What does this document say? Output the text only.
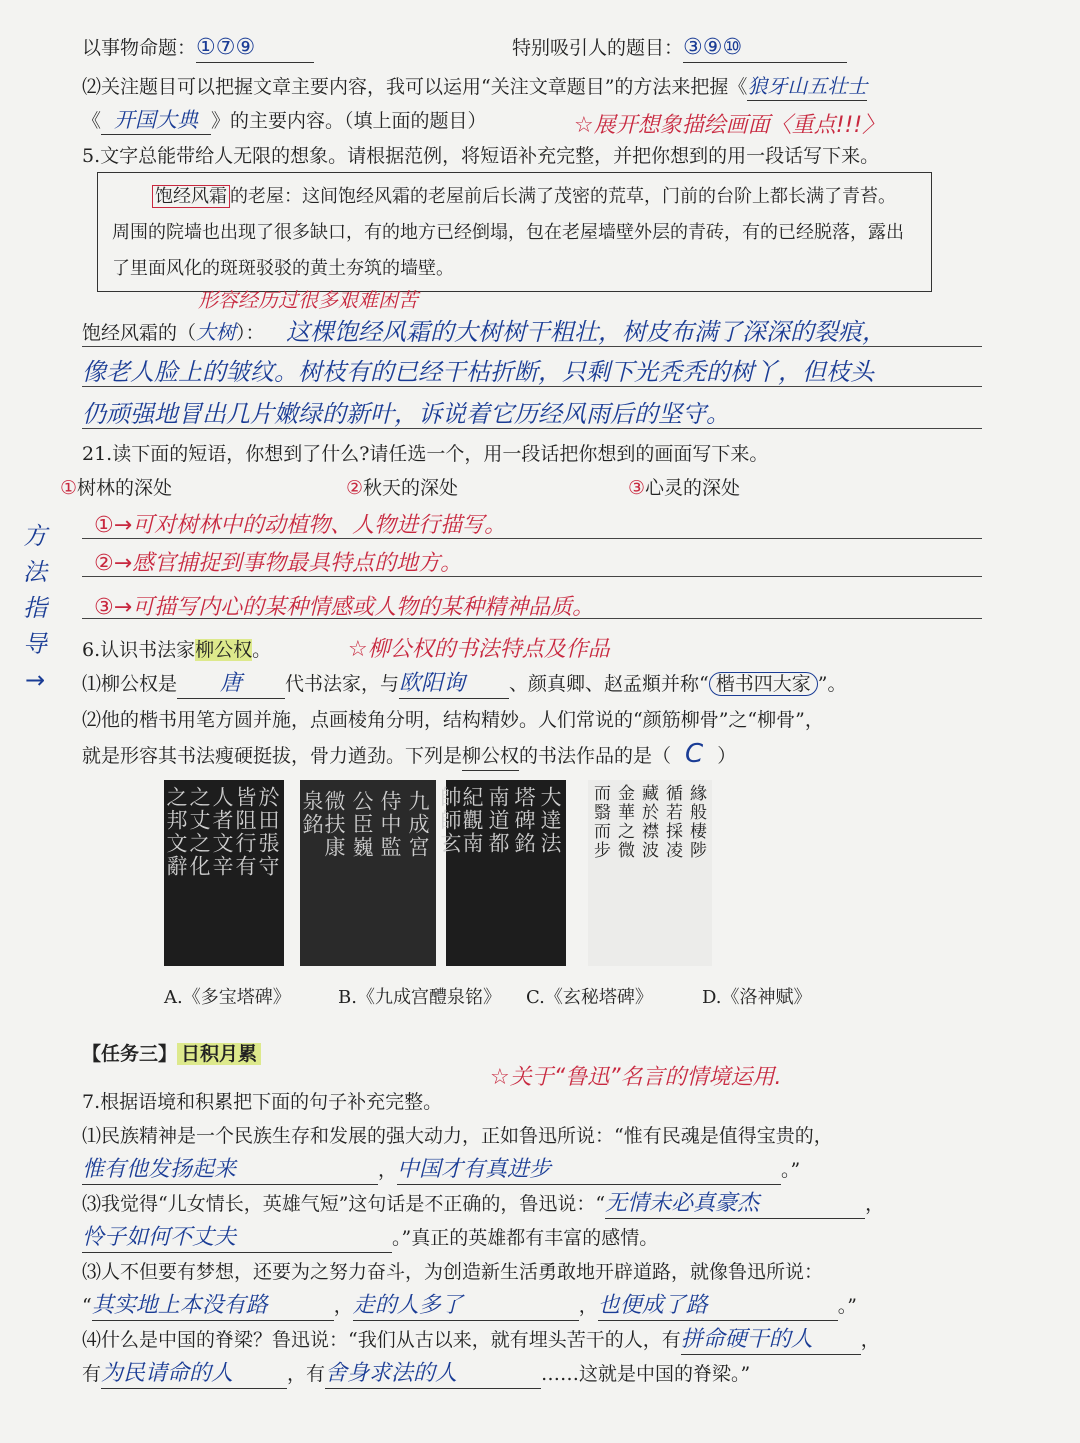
以事物命题：①⑦⑨	特别吸引人的题目：③⑨⑩
⑵关注题目可以把握文章主要内容，我可以运用“关注文章题目”的方法来把握《狼牙山五壮士
《 开国大典 》的主要内容。（填上面的题目）	☆展开想象描绘画面〈重点!!!〉
5.文字总能带给人无限的想象。请根据范例，将短语补充完整，并把你想到的用一段话写下来。
饱经风霜 的老屋：这间饱经风霜的老屋前后长满了茂密的荒草，门前的台阶上都长满了青苔。周围的院墙也出现了很多缺口，有的地方已经倒塌，包在老屋墙壁外层的青砖，有的已经脱落，露出了里面风化的斑斑驳驳的黄土夯筑的墙壁。
形容经历过很多艰难困苦
饱经风霜的（大树）： 这棵饱经风霜的大树树干粗壮，树皮布满了深深的裂痕，
像老人脸上的皱纹。树枝有的已经干枯折断，只剩下光秃秃的树丫，但枝头
仍顽强地冒出几片嫩绿的新叶，诉说着它历经风雨后的坚守。
21.读下面的短语，你想到了什么?请任选一个，用一段话把你想到的画面写下来。
①树林的深处	②秋天的深处	③心灵的深处
方法指导→
①→可对树林中的动植物、人物进行描写。
②→感官捕捉到事物最具特点的地方。
③→可描写内心的某种情感或人物的某种精神品质。
6.认识书法家柳公权。	☆柳公权的书法特点及作品
⑴柳公权是 唐 代书法家，与欧阳询 、颜真卿、赵孟頫并称“ 楷书四大家 ”。
⑵他的楷书用笔方圆并施，点画棱角分明，结构精妙。人们常说的“颜筋柳骨”之“柳骨”，
就是形容其书法瘦硬挺拔，骨力遒劲。下列是柳公权的书法作品的是（ C ）
於田張守
皆阻行有
人者文辛
之丈之化
之邦文辭	九成宮
侍中監
公臣巍
微扶康
泉銘	大達法
塔碑銘
南道都
紀觀南
帥師玄	緣般棲陟
循若採凌
藏於襟波
金華之微
而翳而步
A.《多宝塔碑》	B.《九成宫醴泉铭》 C.《玄秘塔碑》	D.《洛神赋》
【任务三】 日积月累
☆关于“鲁迅”名言的情境运用.
7.根据语境和积累把下面的句子补充完整。
⑴民族精神是一个民族生存和发展的强大动力，正如鲁迅所说：“惟有民魂是值得宝贵的，
惟有他发扬起来	，中国才有真进步	。”
⑶我觉得“儿女情长，英雄气短”这句话是不正确的，鲁迅说：“无情未必真豪杰	，
怜子如何不丈夫	。”真正的英雄都有丰富的感情。
⑶人不但要有梦想，还要为之努力奋斗，为创造新生活勇敢地开辟道路，就像鲁迅所说：
“其实地上本没有路	，走的人多了	，也便成了路	。”
⑷什么是中国的脊梁？鲁迅说：“我们从古以来，就有埋头苦干的人，有拼命硬干的人	，
有为民请命的人	，有舍身求法的人	……这就是中国的脊梁。”
